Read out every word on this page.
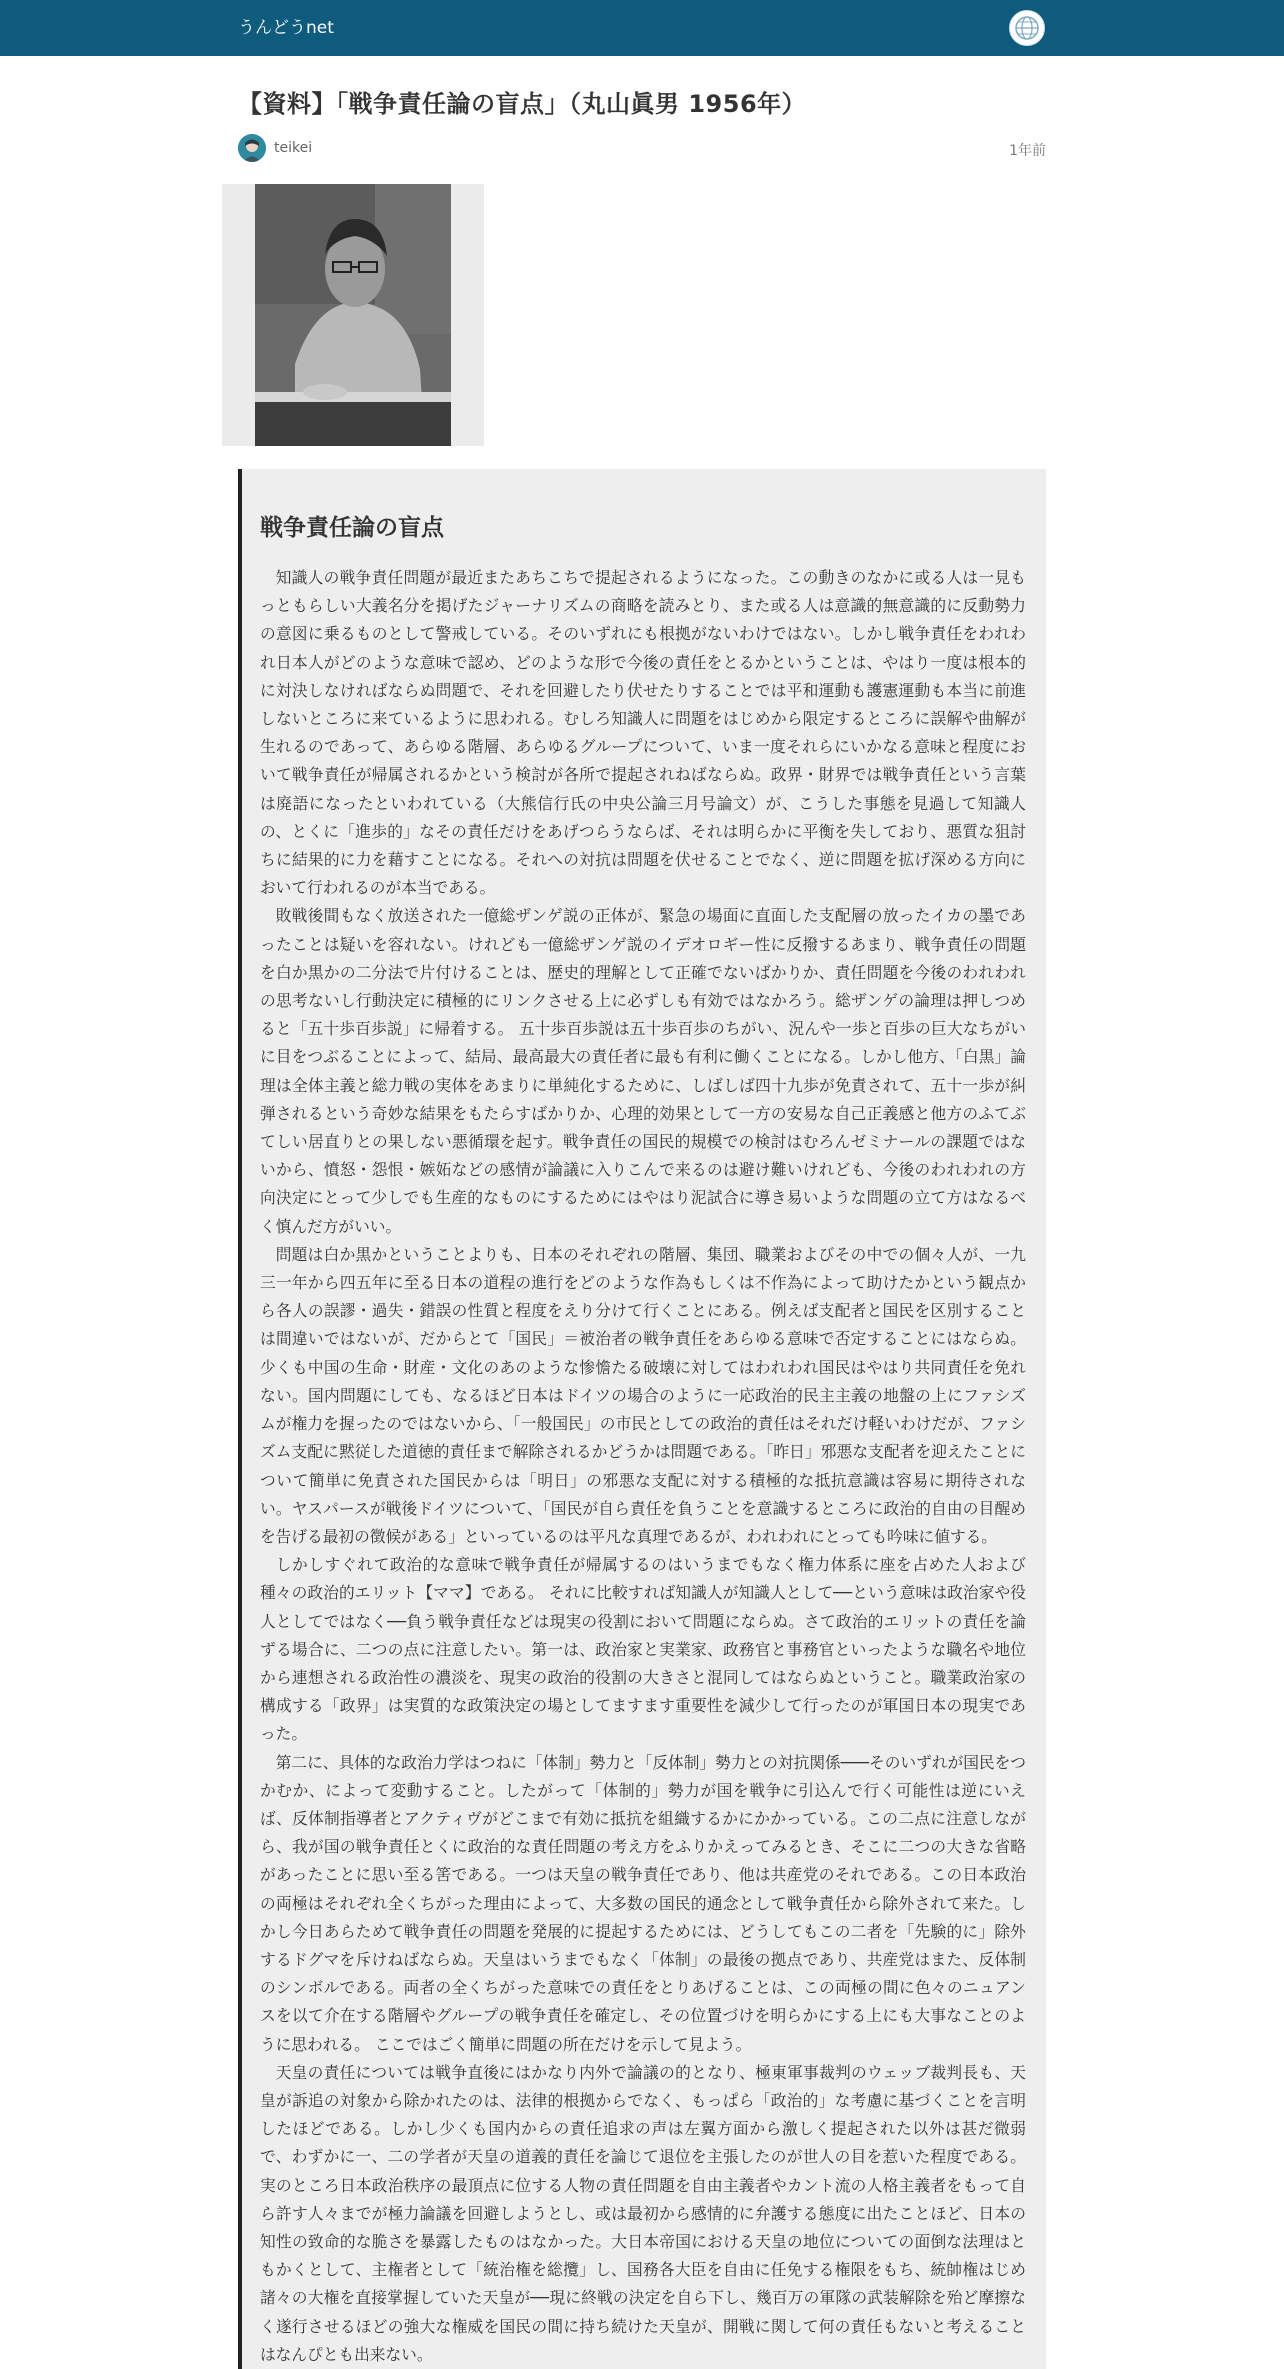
うんどうnet
【資料】「戦争責任論の盲点」（丸山眞男 1956年）
teikei	1年前
戦争責任論の盲点

知識人の戦争責任問題が最近またあちこちで提起されるようになった。この動きのなかに或る人は一見もっともらしい大義名分を掲げたジャーナリズムの商略を読みとり、また或る人は意識的無意識的に反動勢力の意図に乗るものとして警戒している。そのいずれにも根拠がないわけではない。しかし戦争責任をわれわれ日本人がどのような意味で認め、どのような形で今後の責任をとるかということは、やはり一度は根本的に対決しなければならぬ問題で、それを回避したり伏せたりすることでは平和運動も護憲運動も本当に前進しないところに来ているように思われる。むしろ知識人に問題をはじめから限定するところに誤解や曲解が生れるのであって、あらゆる階層、あらゆるグループについて、いま一度それらにいかなる意味と程度において戦争責任が帰属されるかという検討が各所で提起されねばならぬ。政界・財界では戦争責任という言葉は廃語になったといわれている（大熊信行氏の中央公論三月号論文）が、こうした事態を見過して知識人の、とくに「進歩的」なその責任だけをあげつらうならば、それは明らかに平衡を失しており、悪質な狙討ちに結果的に力を藉すことになる。それへの対抗は問題を伏せることでなく、逆に問題を拡げ深める方向において行われるのが本当である。

敗戦後間もなく放送された一億総ザンゲ説の正体が、緊急の場面に直面した支配層の放ったイカの墨であったことは疑いを容れない。けれども一億総ザンゲ説のイデオロギー性に反撥するあまり、戦争責任の問題を白か黒かの二分法で片付けることは、歴史的理解として正確でないばかりか、責任問題を今後のわれわれの思考ないし行動決定に積極的にリンクさせる上に必ずしも有効ではなかろう。総ザンゲの論理は押しつめると「五十歩百歩説」に帰着する。 五十歩百歩説は五十歩百歩のちがい、況んや一歩と百歩の巨大なちがいに目をつぶることによって、結局、最高最大の責任者に最も有利に働くことになる。しかし他方、「白黒」論理は全体主義と総力戦の実体をあまりに単純化するために、しばしば四十九歩が免責されて、五十一歩が糾弾されるという奇妙な結果をもたらすばかりか、心理的効果として一方の安易な自己正義感と他方のふてぶてしい居直りとの果しない悪循環を起す。戦争責任の国民的規模での検討はむろんゼミナールの課題ではないから、憤怒・怨恨・嫉妬などの感情が論議に入りこんで来るのは避け難いけれども、今後のわれわれの方向決定にとって少しでも生産的なものにするためにはやはり泥試合に導き易いような問題の立て方はなるべく慎んだ方がいい。

問題は白か黒かということよりも、日本のそれぞれの階層、集団、職業およびその中での個々人が、一九三一年から四五年に至る日本の道程の進行をどのような作為もしくは不作為によって助けたかという観点から各人の誤謬・過失・錯誤の性質と程度をえり分けて行くことにある。例えば支配者と国民を区別することは間違いではないが、だからとて「国民」＝被治者の戦争責任をあらゆる意味で否定することにはならぬ。少くも中国の生命・財産・文化のあのような惨憺たる破壊に対してはわれわれ国民はやはり共同責任を免れない。国内問題にしても、なるほど日本はドイツの場合のように一応政治的民主主義の地盤の上にファシズムが権力を握ったのではないから、「一般国民」の市民としての政治的責任はそれだけ軽いわけだが、ファシズム支配に黙従した道徳的責任まで解除されるかどうかは問題である。「昨日」邪悪な支配者を迎えたことについて簡単に免責された国民からは「明日」の邪悪な支配に対する積極的な抵抗意識は容易に期待されない。ヤスパースが戦後ドイツについて、「国民が自ら責任を負うことを意識するところに政治的自由の目醒めを告げる最初の徴候がある」といっているのは平凡な真理であるが、われわれにとっても吟味に値する。

しかしすぐれて政治的な意味で戦争責任が帰属するのはいうまでもなく権力体系に座を占めた人および種々の政治的エリット【ママ】である。 それに比較すれば知識人が知識人として──という意味は政治家や役人としてではなく──負う戦争責任などは現実の役割において問題にならぬ。さて政治的エリットの責任を論ずる場合に、二つの点に注意したい。第一は、政治家と実業家、政務官と事務官といったような職名や地位から連想される政治性の濃淡を、現実の政治的役割の大きさと混同してはならぬということ。職業政治家の構成する「政界」は実質的な政策決定の場としてますます重要性を減少して行ったのが軍国日本の現実であった。

第二に、具体的な政治力学はつねに「体制」勢力と「反体制」勢力との対抗関係───そのいずれが国民をつかむか、によって変動すること。したがって「体制的」勢力が国を戦争に引込んで行く可能性は逆にいえば、反体制指導者とアクティヴがどこまで有効に抵抗を組織するかにかかっている。この二点に注意しながら、我が国の戦争責任とくに政治的な責任問題の考え方をふりかえってみるとき、そこに二つの大きな省略があったことに思い至る筈である。一つは天皇の戦争責任であり、他は共産党のそれである。この日本政治の両極はそれぞれ全くちがった理由によって、大多数の国民的通念として戦争責任から除外されて来た。しかし今日あらためて戦争責任の問題を発展的に提起するためには、どうしてもこの二者を「先験的に」除外するドグマを斥けねばならぬ。天皇はいうまでもなく「体制」の最後の拠点であり、共産党はまた、反体制のシンボルである。両者の全くちがった意味での責任をとりあげることは、この両極の間に色々のニュアンスを以て介在する階層やグループの戦争責任を確定し、その位置づけを明らかにする上にも大事なことのように思われる。 ここではごく簡単に問題の所在だけを示して見よう。

天皇の責任については戦争直後にはかなり内外で論議の的となり、極東軍事裁判のウェッブ裁判長も、天皇が訴追の対象から除かれたのは、法律的根拠からでなく、もっぱら「政治的」な考慮に基づくことを言明したほどである。しかし少くも国内からの責任追求の声は左翼方面から激しく提起された以外は甚だ微弱で、わずかに一、二の学者が天皇の道義的責任を論じて退位を主張したのが世人の目を惹いた程度である。実のところ日本政治秩序の最頂点に位する人物の責任問題を自由主義者やカント流の人格主義者をもって自ら許す人々までが極力論議を回避しようとし、或は最初から感情的に弁護する態度に出たことほど、日本の知性の致命的な脆さを暴露したものはなかった。大日本帝国における天皇の地位についての面倒な法理はともかくとして、主権者として「統治権を総攬」し、国務各大臣を自由に任免する権限をもち、統帥権はじめ諸々の大権を直接掌握していた天皇が──現に終戦の決定を自ら下し、幾百万の軍隊の武装解除を殆ど摩擦なく遂行させるほどの強大な権威を国民の間に持ち続けた天皇が、開戦に関して何の責任もないと考えることはなんぴとも出来ない。
